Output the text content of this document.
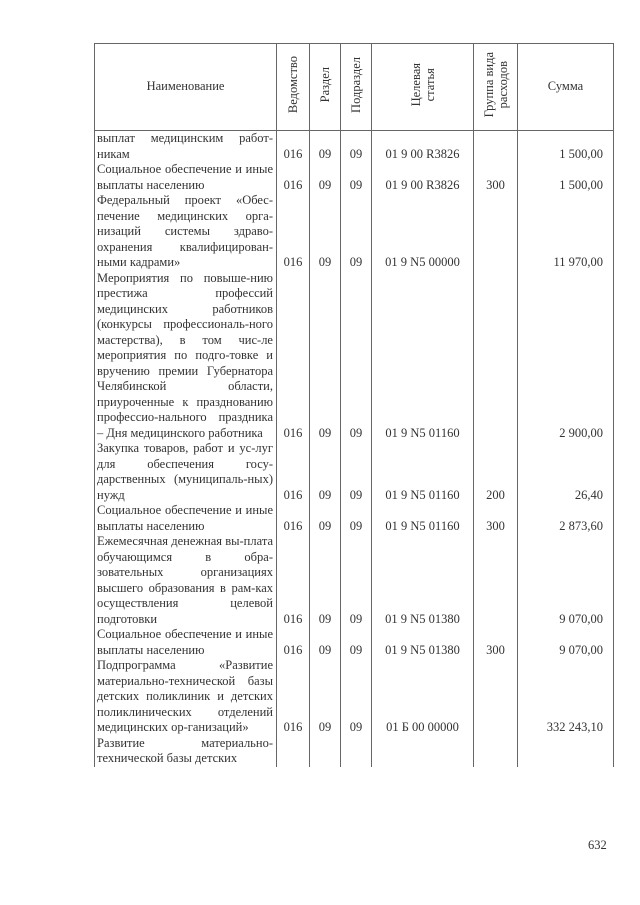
Наименование	Ведомство	Раздел	Подраздел	Целевая
статья	Группа вида
расходов	Сумма
выплат медицинским работ-никам	016	09	09	01 9 00 R3826		1 500,00
Социальное обеспечение и иные выплаты населению	016	09	09	01 9 00 R3826	300	1 500,00
Федеральный проект «Обес-печение медицинских орга-низаций системы здраво-охранения квалифицирован-ными кадрами»	016	09	09	01 9 N5 00000		11 970,00
Мероприятия по повыше-нию престижа профессий медицинских работников (конкурсы профессиональ-ного мастерства), в том чис-ле мероприятия по подго-товке и вручению премии Губернатора Челябинской области, приуроченные к празднованию профессио-нального праздника – Дня медицинского работника	016	09	09	01 9 N5 01160		2 900,00
Закупка товаров, работ и ус-луг для обеспечения госу-дарственных (муниципаль-ных) нужд	016	09	09	01 9 N5 01160	200	26,40
Социальное обеспечение и иные выплаты населению	016	09	09	01 9 N5 01160	300	2 873,60
Ежемесячная денежная вы-плата обучающимся в обра-зовательных организациях высшего образования в рам-ках осуществления целевой подготовки	016	09	09	01 9 N5 01380		9 070,00
Социальное обеспечение и иные выплаты населению	016	09	09	01 9 N5 01380	300	9 070,00
Подпрограмма «Развитие материально-технической базы детских поликлиник и детских поликлинических отделений медицинских ор-ганизаций»	016	09	09	01 Б 00 00000		332 243,10
Развитие материально-технической базы детских						
632
